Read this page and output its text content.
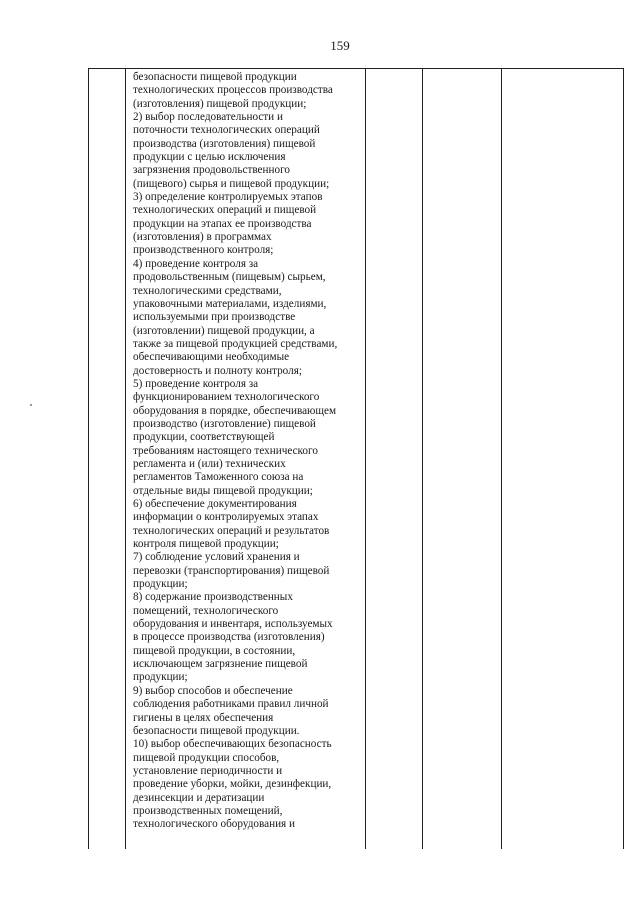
159
безопасности пищевой продукции
технологических процессов производства
(изготовления) пищевой продукции;
2) выбор последовательности и
поточности технологических операций
производства (изготовления) пищевой
продукции с целью исключения
загрязнения продовольственного
(пищевого) сырья и пищевой продукции;
3) определение контролируемых этапов
технологических операций и пищевой
продукции на этапах ее производства
(изготовления) в программах
производственного контроля;
4) проведение контроля за
продовольственным (пищевым) сырьем,
технологическими средствами,
упаковочными материалами, изделиями,
используемыми при производстве
(изготовлении) пищевой продукции, а
также за пищевой продукцией средствами,
обеспечивающими необходимые
достоверность и полноту контроля;
5) проведение контроля за
функционированием технологического
оборудования в порядке, обеспечивающем
производство (изготовление) пищевой
продукции, соответствующей
требованиям настоящего технического
регламента и (или) технических
регламентов Таможенного союза на
отдельные виды пищевой продукции;
6) обеспечение документирования
информации о контролируемых этапах
технологических операций и результатов
контроля пищевой продукции;
7) соблюдение условий хранения и
перевозки (транспортирования) пищевой
продукции;
8) содержание производственных
помещений, технологического
оборудования и инвентаря, используемых
в процессе производства (изготовления)
пищевой продукции, в состоянии,
исключающем загрязнение пищевой
продукции;
9) выбор способов и обеспечение
соблюдения работниками правил личной
гигиены в целях обеспечения
безопасности пищевой продукции.
10) выбор обеспечивающих безопасность
пищевой продукции способов,
установление периодичности и
проведение уборки, мойки, дезинфекции,
дезинсекции и дератизации
производственных помещений,
технологического оборудования и
